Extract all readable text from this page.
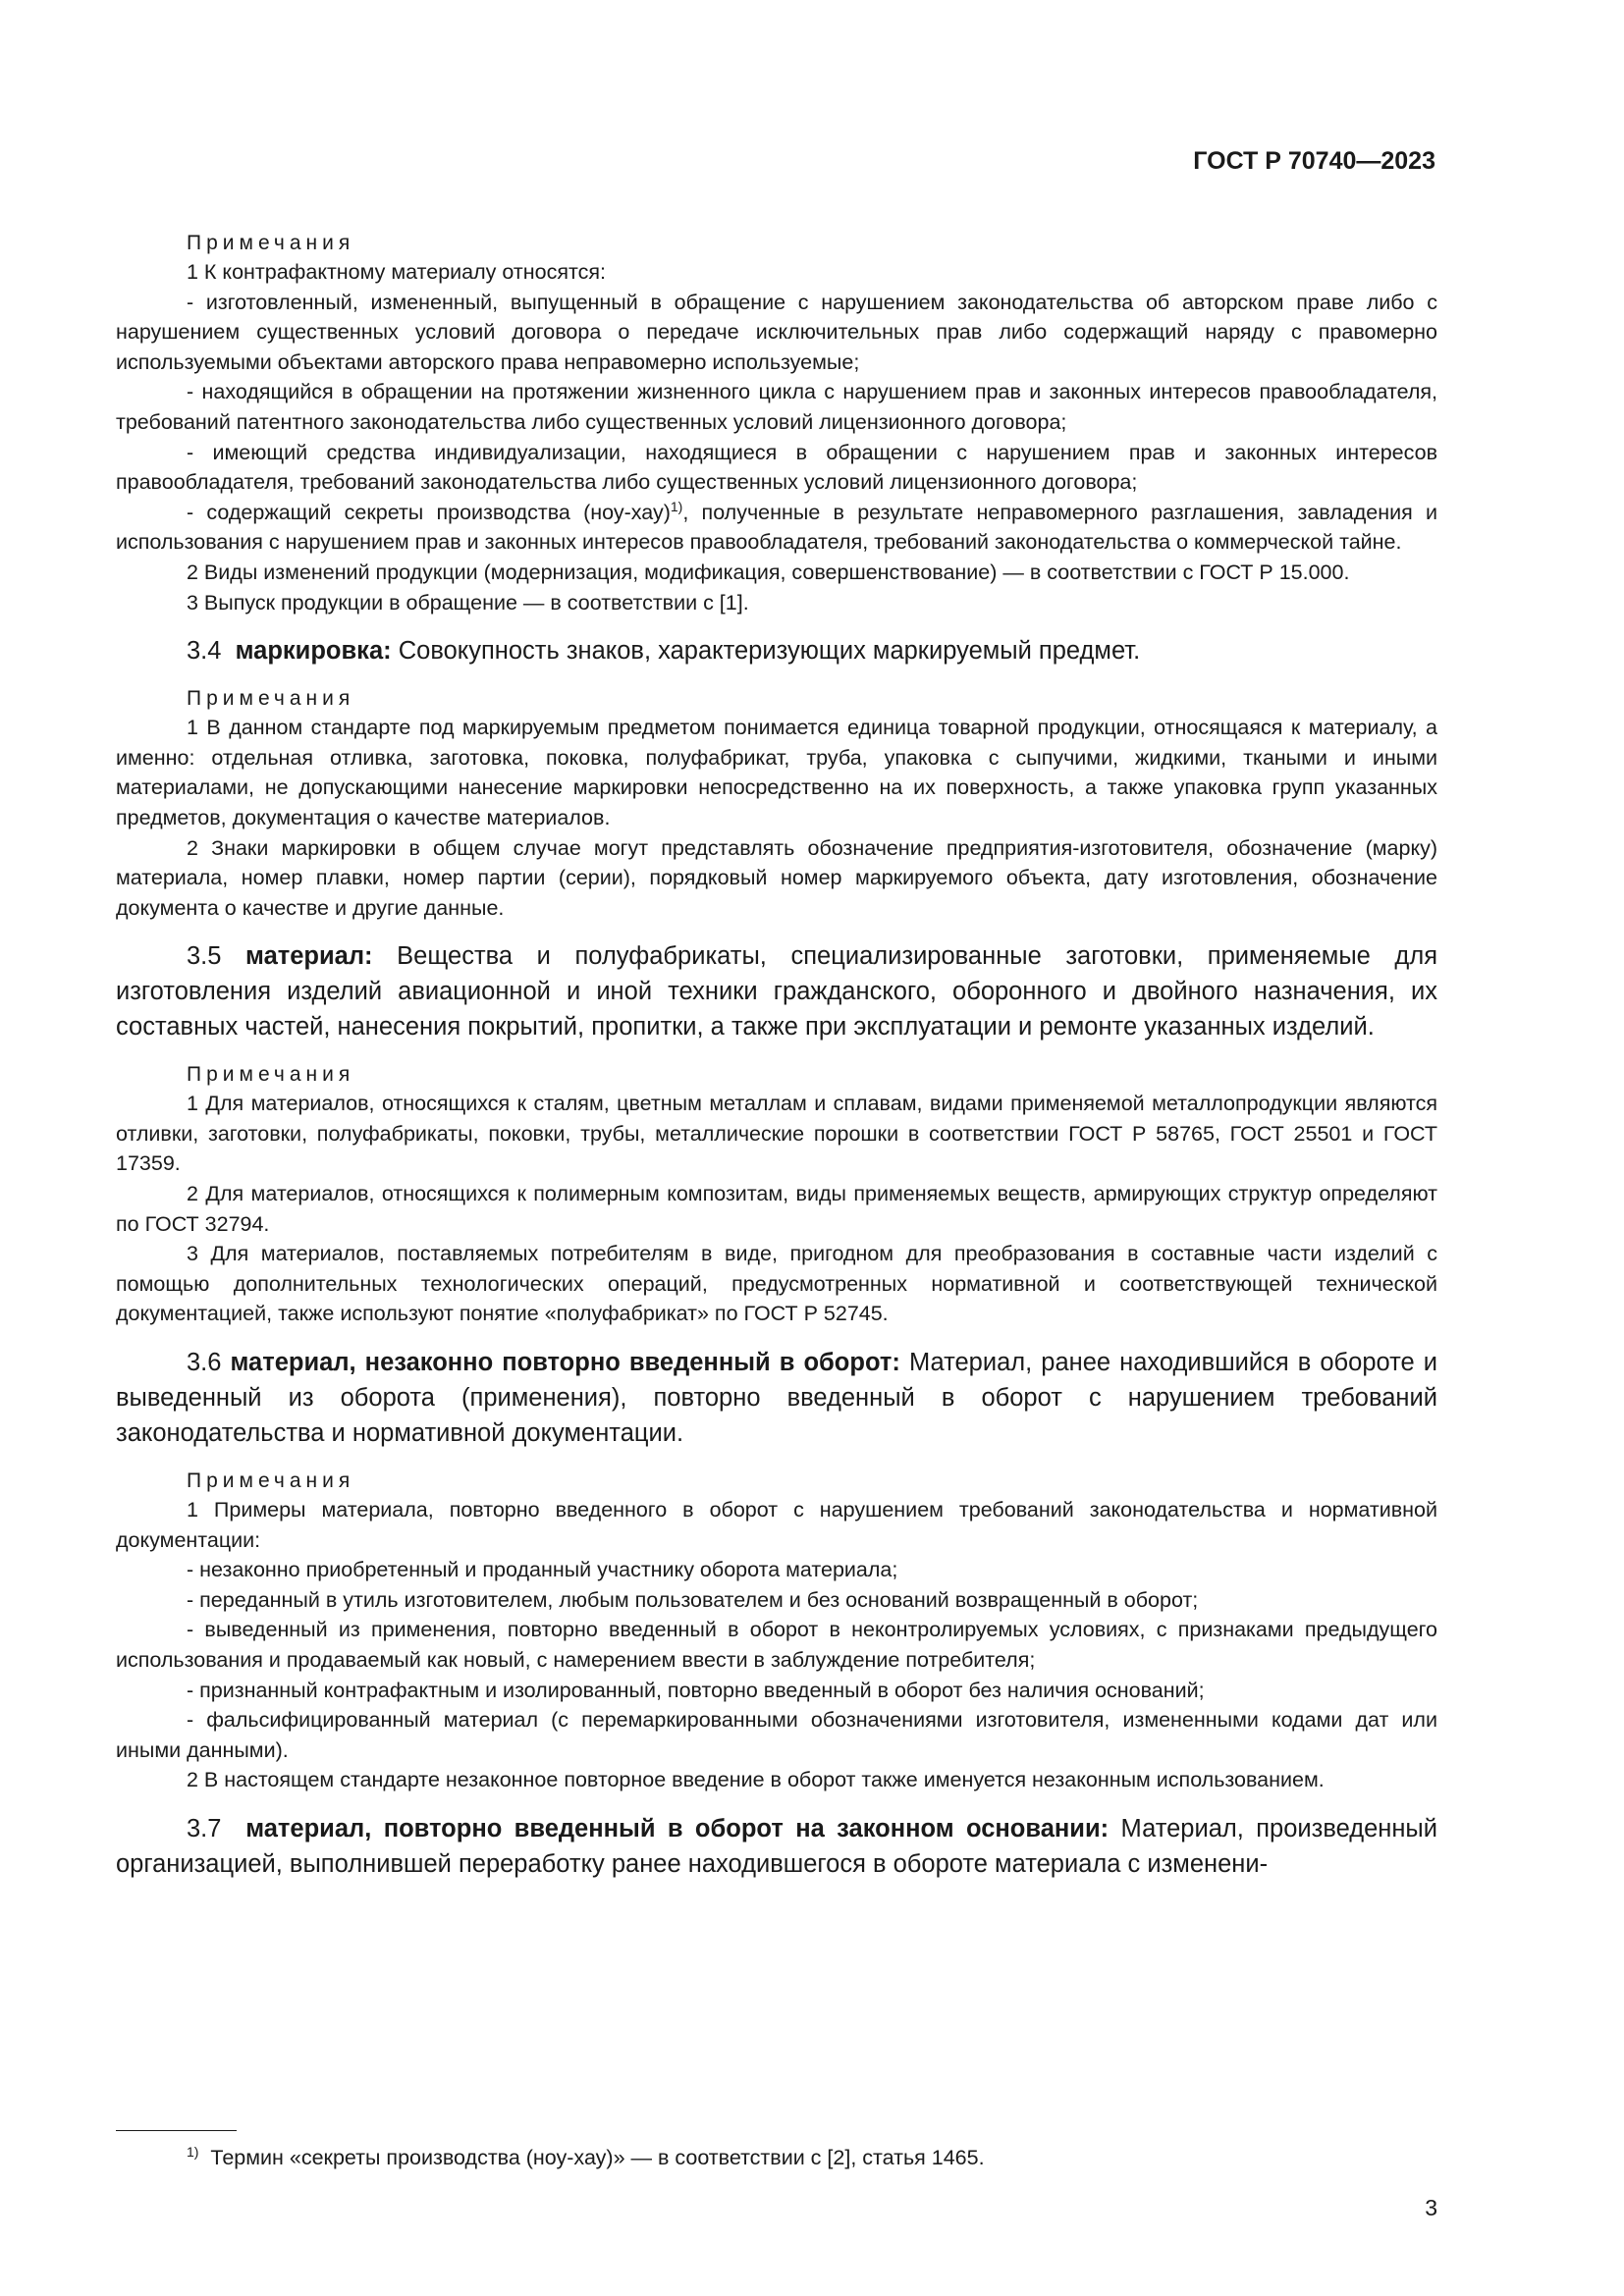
ГОСТ Р 70740—2023
Примечания

1 К контрафактному материалу относятся:

- изготовленный, измененный, выпущенный в обращение с нарушением законодательства об авторском праве либо с нарушением существенных условий договора о передаче исключительных прав либо содержащий наряду с правомерно используемыми объектами авторского права неправомерно используемые;

- находящийся в обращении на протяжении жизненного цикла с нарушением прав и законных интересов правообладателя, требований патентного законодательства либо существенных условий лицензионного договора;

- имеющий средства индивидуализации, находящиеся в обращении с нарушением прав и законных интересов правообладателя, требований законодательства либо существенных условий лицензионного договора;

- содержащий секреты производства $(ноу-хау)^{1)}$, полученные в результате неправомерного разглашения, завладения и использования с нарушением прав и законных интересов правообладателя, требований законодательства о коммерческой тайне.

2 Виды изменений продукции (модернизация, модификация, совершенствование) — в соответствии с ГОСТ Р 15.000.

3 Выпуск продукции в обращение — в соответствии с [1].

3.4 маркировка: Совокупность знаков, характеризующих маркируемый предмет.

Примечания

1 В данном стандарте под маркируемым предметом понимается единица товарной продукции, относящаяся к материалу, а именно: отдельная отливка, заготовка, поковка, полуфабрикат, труба, упаковка с сыпучими, жидкими, ткаными и иными материалами, не допускающими нанесение маркировки непосредственно на их поверхность, а также упаковка групп указанных предметов, документация о качестве материалов.

2 Знаки маркировки в общем случае могут представлять обозначение предприятия-изготовителя, обозначение (марку) материала, номер плавки, номер партии (серии), порядковый номер маркируемого объекта, дату изготовления, обозначение документа о качестве и другие данные.

3.5 материал: Вещества и полуфабрикаты, специализированные заготовки, применяемые для изготовления изделий авиационной и иной техники гражданского, оборонного и двойного назначения, их составных частей, нанесения покрытий, пропитки, а также при эксплуатации и ремонте указанных изделий.

Примечания

1 Для материалов, относящихся к сталям, цветным металлам и сплавам, видами применяемой металлопродукции являются отливки, заготовки, полуфабрикаты, поковки, трубы, металлические порошки в соответствии ГОСТ Р 58765, ГОСТ 25501 и ГОСТ 17359.

2 Для материалов, относящихся к полимерным композитам, виды применяемых веществ, армирующих структур определяют по ГОСТ 32794.

3 Для материалов, поставляемых потребителям в виде, пригодном для преобразования в составные части изделий с помощью дополнительных технологических операций, предусмотренных нормативной и соответствующей технической документацией, также используют понятие «полуфабрикат» по ГОСТ Р 52745.

3.6 материал, незаконно повторно введенный в оборот: Материал, ранее находившийся в обороте и выведенный из оборота (применения), повторно введенный в оборот с нарушением требований законодательства и нормативной документации.

Примечания

1 Примеры материала, повторно введенного в оборот с нарушением требований законодательства и нормативной документации:

- незаконно приобретенный и проданный участнику оборота материала;

- переданный в утиль изготовителем, любым пользователем и без оснований возвращенный в оборот;

- выведенный из применения, повторно введенный в оборот в неконтролируемых условиях, с признаками предыдущего использования и продаваемый как новый, с намерением ввести в заблуждение потребителя;

- признанный контрафактным и изолированный, повторно введенный в оборот без наличия оснований;

- фальсифицированный материал (с перемаркированными обозначениями изготовителя, измененными кодами дат или иными данными).

2 В настоящем стандарте незаконное повторное введение в оборот также именуется незаконным использованием.

3.7 материал, повторно введенный в оборот на законном основании: Материал, произведенный организацией, выполнившей переработку ранее находившегося в обороте материала с изменени-

$^{1)}$ Термин «секреты производства (ноу-хау)» — в соответствии с [2], статья 1465.
3
